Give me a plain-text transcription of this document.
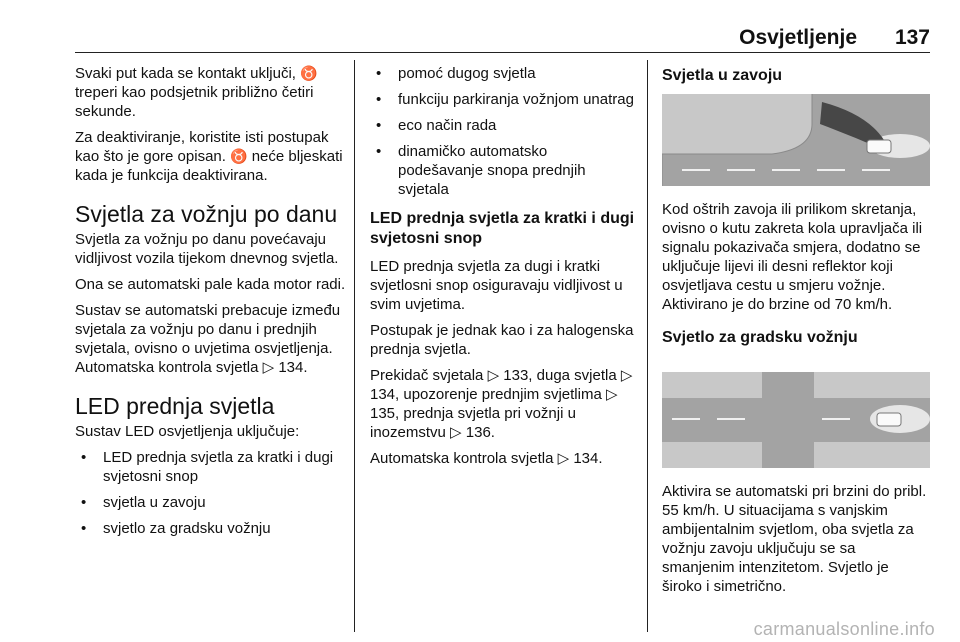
Osvjetljenje 137

Svaki put kada se kontakt uključi, ♉ treperi kao podsjetnik približno četiri sekunde.

Za deaktiviranje, koristite isti postupak kao što je gore opisan. ♉ neće bljeskati kada je funkcija deaktivirana.

Svjetla za vožnju po danu

Svjetla za vožnju po danu povećavaju vidljivost vozila tijekom dnevnog svjetla.

Ona se automatski pale kada motor radi.

Sustav se automatski prebacuje između svjetala za vožnju po danu i prednjih svjetala, ovisno o uvjetima osvjetljenja. Automatska kontrola svjetla ▷ 134.

LED prednja svjetla

Sustav LED osvjetljenja uključuje:

• LED prednja svjetla za kratki i dugi svjetosni snop
• svjetla u zavoju
• svjetlo za gradsku vožnju
• pomoć dugog svjetla
• funkciju parkiranja vožnjom unatrag
• eco način rada
• dinamičko automatsko podešavanje snopa prednjih svjetala
LED prednja svjetla za kratki i dugi svjetosni snop

LED prednja svjetla za dugi i kratki svjetlosni snop osiguravaju vidljivost u svim uvjetima.

Postupak je jednak kao i za halogenska prednja svjetla.

Prekidač svjetala ▷ 133, duga svjetla ▷ 134, upozorenje prednjim svjetlima ▷ 135, prednja svjetla pri vožnji u inozemstvu ▷ 136.

Automatska kontrola svjetla ▷ 134.

Svjetla u zavoju

Kod oštrih zavoja ili prilikom skretanja, ovisno o kutu zakreta kola upravljača ili signalu pokazivača smjera, dodatno se uključuje lijevi ili desni reflektor koji osvjetljava cestu u smjeru vožnje. Aktivirano je do brzine od 70 km/h.

Svjetlo za gradsku vožnju

Aktivira se automatski pri brzini do pribl. 55 km/h. U situacijama s vanjskim ambijentalnim svjetlom, oba svjetla za vožnju zavoju uključuju se sa smanjenim intenzitetom. Svjetlo je široko i simetrično.

carmanualsonline.info
